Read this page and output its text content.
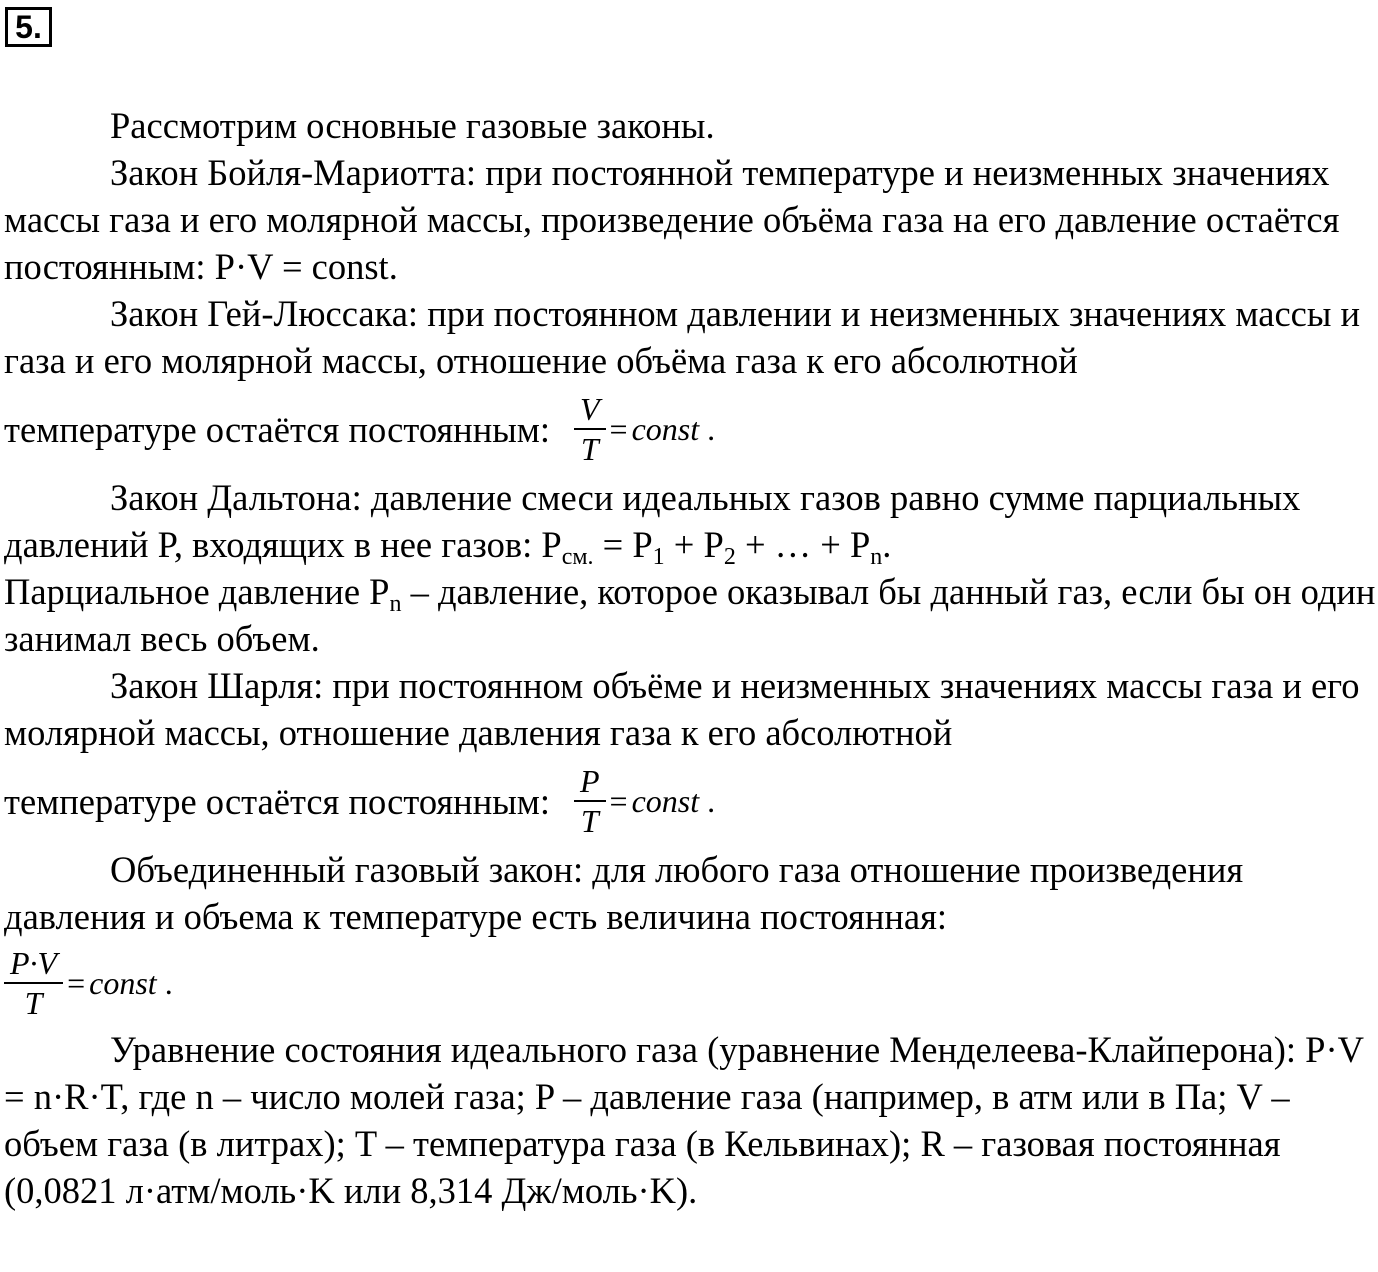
5.

Рассмотрим основные газовые законы.

Закон Бойля-Мариотта: при постоянной температуре и неизменных значениях массы газа и его молярной массы, произведение объёма газа на его давление остаётся постоянным: P·V = const.

Закон Гей-Люссака: при постоянном давлении и неизменных значениях массы и газа и его молярной массы, отношение объёма газа к его абсолютной

температуре остаётся постоянным: $\frac{V}{T}$ = const .

Закон Дальтона: давление смеси идеальных газов равно сумме парциальных давлений P, входящих в нее газов: $P_{см.} = P_1 + P_2$ + … + $P_n$.

Парциальное давление $P_n$ – давление, которое оказывал бы данный газ, если бы он один занимал весь объем.

Закон Шарля: при постоянном объёме и неизменных значениях массы газа и его молярной массы, отношение давления газа к его абсолютной

температуре остаётся постоянным: $\frac{P}{T}$ = const .

Объединенный газовый закон: для любого газа отношение произведения давления и объема к температуре есть величина постоянная:

$\frac{P\cdot V}{T}$ = const .

Уравнение состояния идеального газа (уравнение Менделеева-Клайперона): P·V = n·R·T, где n – число молей газа; P – давление газа (например, в атм или в Па; V – объем газа (в литрах); T – температура газа (в Кельвинах); R – газовая постоянная (0,0821 л·атм/моль·K или 8,314 Дж/моль·K).
